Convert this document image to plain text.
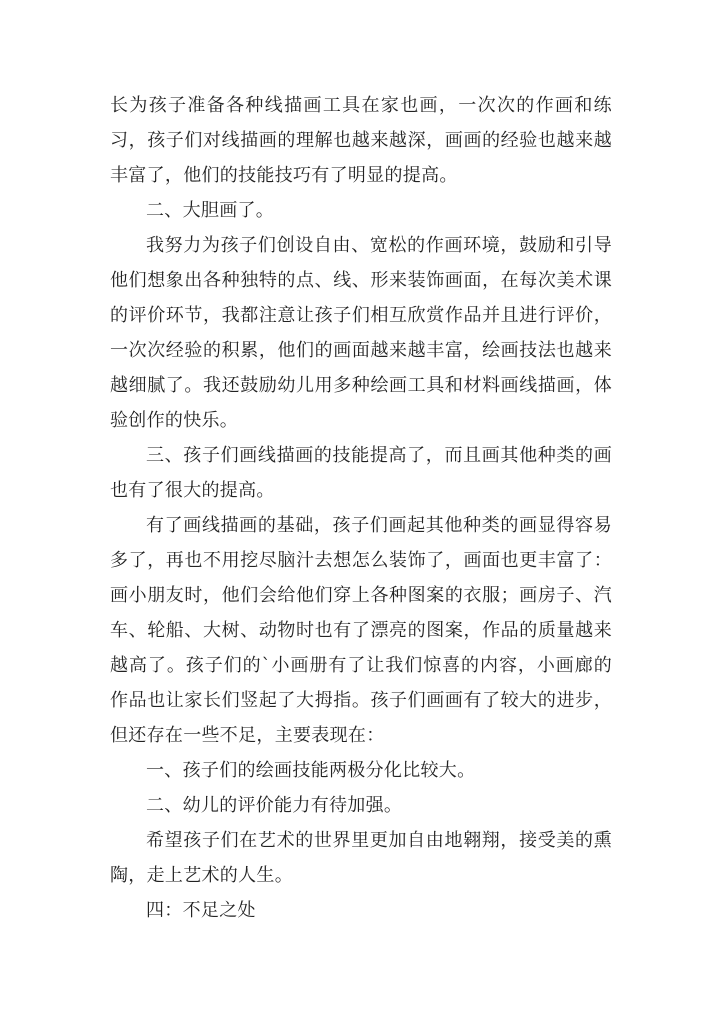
长为孩子准备各种线描画工具在家也画，一次次的作画和练习，孩子们对线描画的理解也越来越深，画画的经验也越来越丰富了，他们的技能技巧有了明显的提高。

二、大胆画了。

我努力为孩子们创设自由、宽松的作画环境，鼓励和引导他们想象出各种独特的点、线、形来装饰画面，在每次美术课的评价环节，我都注意让孩子们相互欣赏作品并且进行评价，一次次经验的积累，他们的画面越来越丰富，绘画技法也越来越细腻了。我还鼓励幼儿用多种绘画工具和材料画线描画，体验创作的快乐。

三、孩子们画线描画的技能提高了，而且画其他种类的画也有了很大的提高。

有了画线描画的基础，孩子们画起其他种类的画显得容易多了，再也不用挖尽脑汁去想怎么装饰了，画面也更丰富了：画小朋友时，他们会给他们穿上各种图案的衣服；画房子、汽车、轮船、大树、动物时也有了漂亮的图案，作品的质量越来越高了。孩子们的`小画册有了让我们惊喜的内容，小画廊的作品也让家长们竖起了大拇指。孩子们画画有了较大的进步，但还存在一些不足，主要表现在：

一、孩子们的绘画技能两极分化比较大。

二、幼儿的评价能力有待加强。

希望孩子们在艺术的世界里更加自由地翱翔，接受美的熏陶，走上艺术的人生。

四：不足之处
